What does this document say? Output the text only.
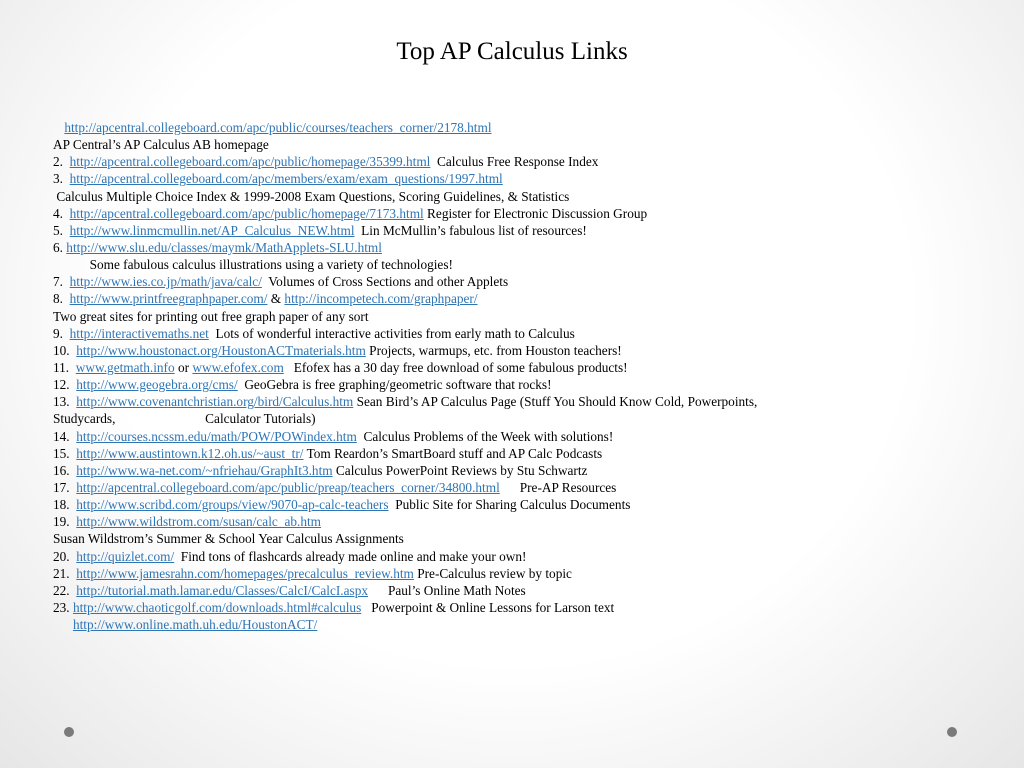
Top AP Calculus Links
http://apcentral.collegeboard.com/apc/public/courses/teachers_corner/2178.html
AP Central’s AP Calculus AB homepage
2.  http://apcentral.collegeboard.com/apc/public/homepage/35399.html  Calculus Free Response Index
3.  http://apcentral.collegeboard.com/apc/members/exam/exam_questions/1997.html
Calculus Multiple Choice Index & 1999-2008 Exam Questions, Scoring Guidelines, & Statistics
4.  http://apcentral.collegeboard.com/apc/public/homepage/7173.html Register for Electronic Discussion Group
5.  http://www.linmcmullin.net/AP_Calculus_NEW.html  Lin McMullin’s fabulous list of resources!
6. http://www.slu.edu/classes/maymk/MathApplets-SLU.html
Some fabulous calculus illustrations using a variety of technologies!
7.  http://www.ies.co.jp/math/java/calc/  Volumes of Cross Sections and other Applets
8.  http://www.printfreegraphpaper.com/ & http://incompetech.com/graphpaper/
Two great sites for printing out free graph paper of any sort
9.  http://interactivemaths.net  Lots of wonderful interactive activities from early math to Calculus
10.  http://www.houstonact.org/HoustonACTmaterials.htm Projects, warmups, etc. from Houston teachers!
11.  www.getmath.info or www.efofex.com   Efofex has a 30 day free download of some fabulous products!
12.  http://www.geogebra.org/cms/  GeoGebra is free graphing/geometric software that rocks!
13.  http://www.covenantchristian.org/bird/Calculus.htm Sean Bird’s AP Calculus Page (Stuff You Should Know Cold, Powerpoints,
Studycards,                           Calculator Tutorials)
14.  http://courses.ncssm.edu/math/POW/POWindex.htm  Calculus Problems of the Week with solutions!
15.  http://www.austintown.k12.oh.us/~aust_tr/ Tom Reardon’s SmartBoard stuff and AP Calc Podcasts
16.  http://www.wa-net.com/~nfriehau/GraphIt3.htm Calculus PowerPoint Reviews by Stu Schwartz
17.  http://apcentral.collegeboard.com/apc/public/preap/teachers_corner/34800.html      Pre-AP Resources
18.  http://www.scribd.com/groups/view/9070-ap-calc-teachers  Public Site for Sharing Calculus Documents
19.  http://www.wildstrom.com/susan/calc_ab.htm
Susan Wildstrom’s Summer & School Year Calculus Assignments
20.  http://quizlet.com/  Find tons of flashcards already made online and make your own!
21.  http://www.jamesrahn.com/homepages/precalculus_review.htm Pre-Calculus review by topic
22.  http://tutorial.math.lamar.edu/Classes/CalcI/CalcI.aspx      Paul’s Online Math Notes
23. http://www.chaoticgolf.com/downloads.html#calculus   Powerpoint & Online Lessons for Larson text
http://www.online.math.uh.edu/HoustonACT/
